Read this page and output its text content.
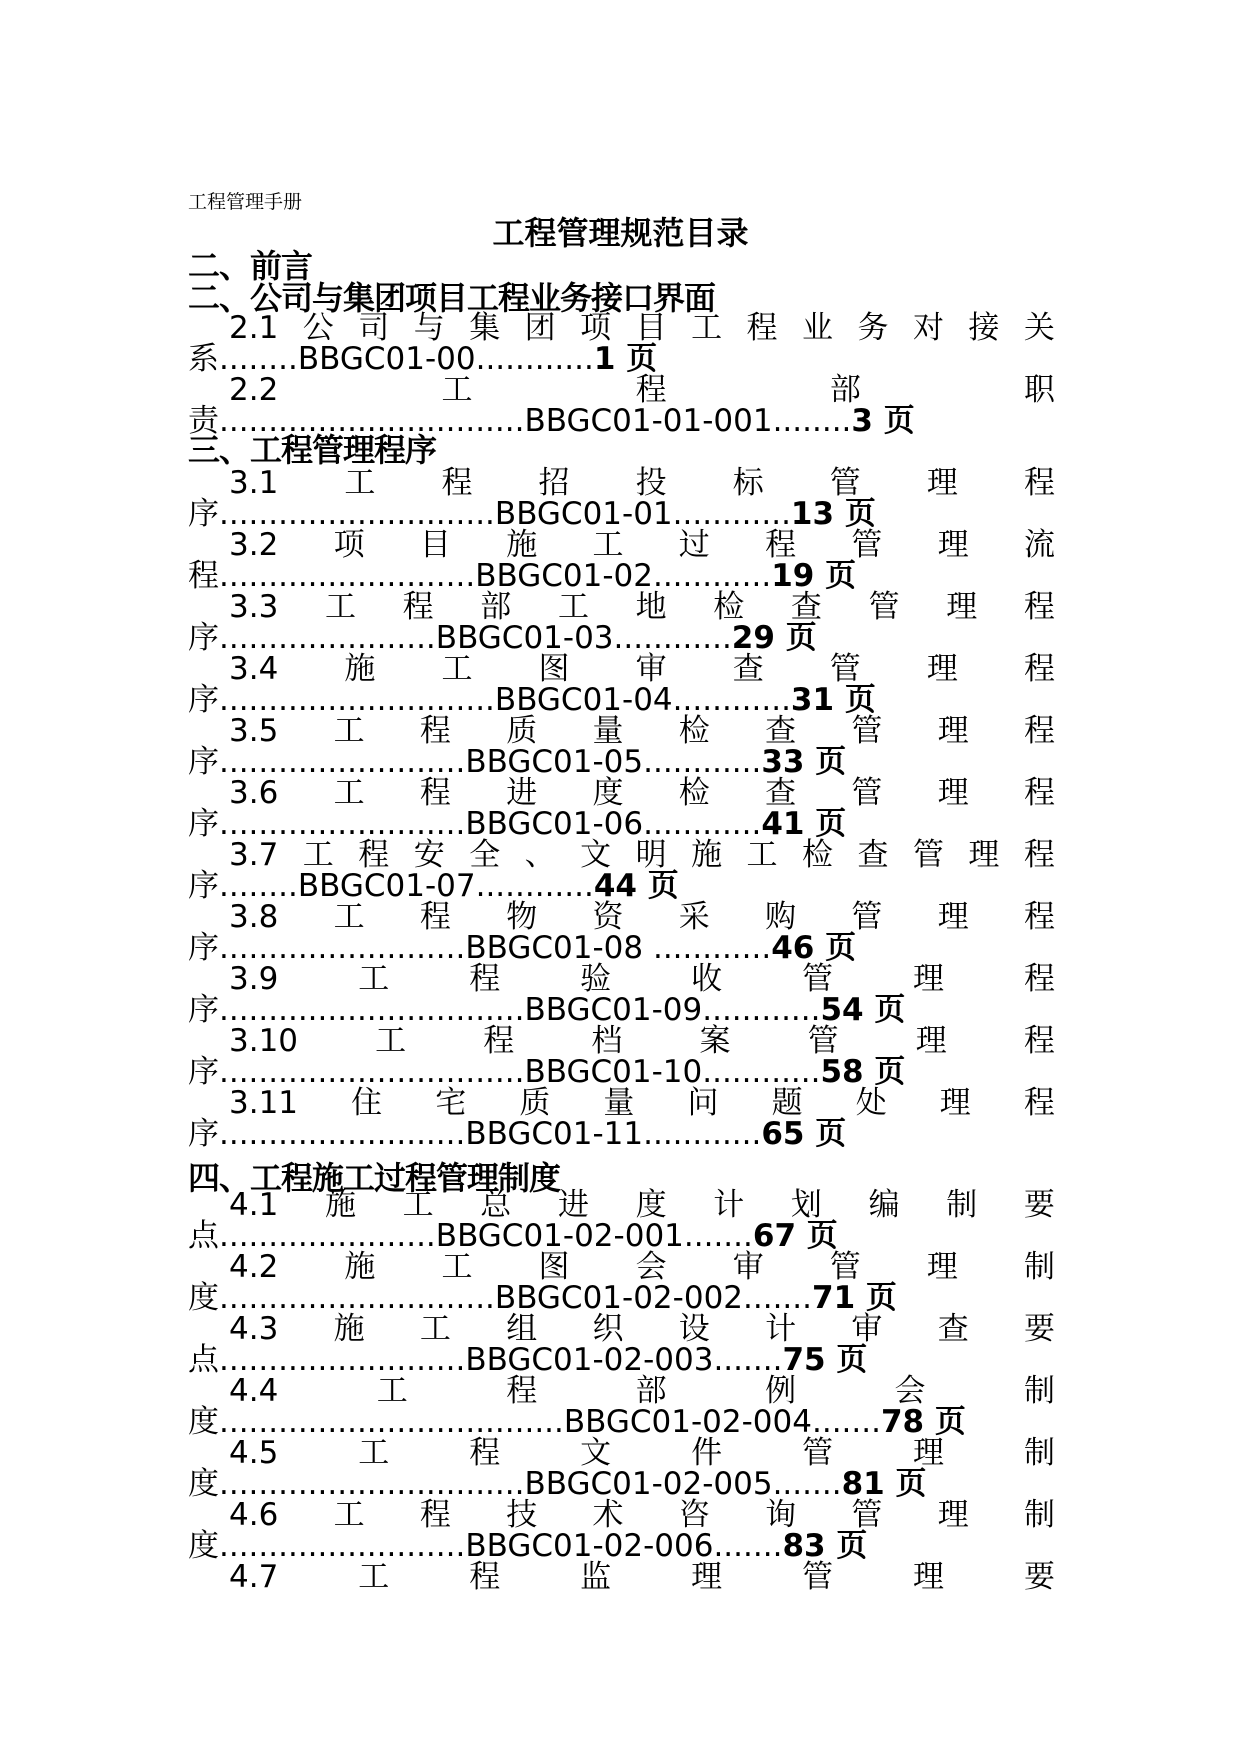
工程管理手册
工程管理规范目录
二、前言
二、公司与集团项目工程业务接口界面
三、工程管理程序
四、工程施工过程管理制度
2.1 公 司 与 集 团 项 目 工 程 业 务 对 接 关
系........BBGC01-00............1 页
2.2	工	程	部	职
责...............................BBGC01-01-001........3 页
3.1 工 程 招 投 标 管 理 程
序............................BBGC01-01............13 页
3.2 项 目 施 工 过 程 管 理 流
程..........................BBGC01-02............19 页
3.3 工 程 部 工 地 检 查 管 理 程
序......................BBGC01-03............29 页
3.4 施 工 图 审 查 管 理 程
序............................BBGC01-04............31 页
3.5 工 程 质 量 检 查 管 理 程
序.........................BBGC01-05............33 页
3.6 工 程 进 度 检 查 管 理 程
序.........................BBGC01-06............41 页
3.7 工 程 安 全 、 文 明 施 工 检 查 管 理 程
序........BBGC01-07............44 页
3.8 工 程 物 资 采 购 管 理 程
序.........................BBGC01-08 ............46 页
3.9	工	程	验	收	管	理	程
序...............................BBGC01-09............54 页
3.10 工 程 档 案 管 理 程
序...............................BBGC01-10............58 页
3.11 住 宅 质 量 问 题 处 理 程
序.........................BBGC01-11............65 页
4.1 施 工 总 进 度 计 划 编 制 要
点......................BBGC01-02-001.......67 页
4.2 施 工 图 会 审 管 理 制
度............................BBGC01-02-002.......71 页
4.3 施 工 组 织 设 计 审 查 要
点.........................BBGC01-02-003.......75 页
4.4	工	程	部	例	会	制
度...................................BBGC01-02-004.......78 页
4.5	工	程	文	件	管	理	制
度...............................BBGC01-02-005.......81 页
4.6 工 程 技 术 咨 询 管 理 制
度.........................BBGC01-02-006.......83 页
4.7	工	程	监	理	管	理	要
